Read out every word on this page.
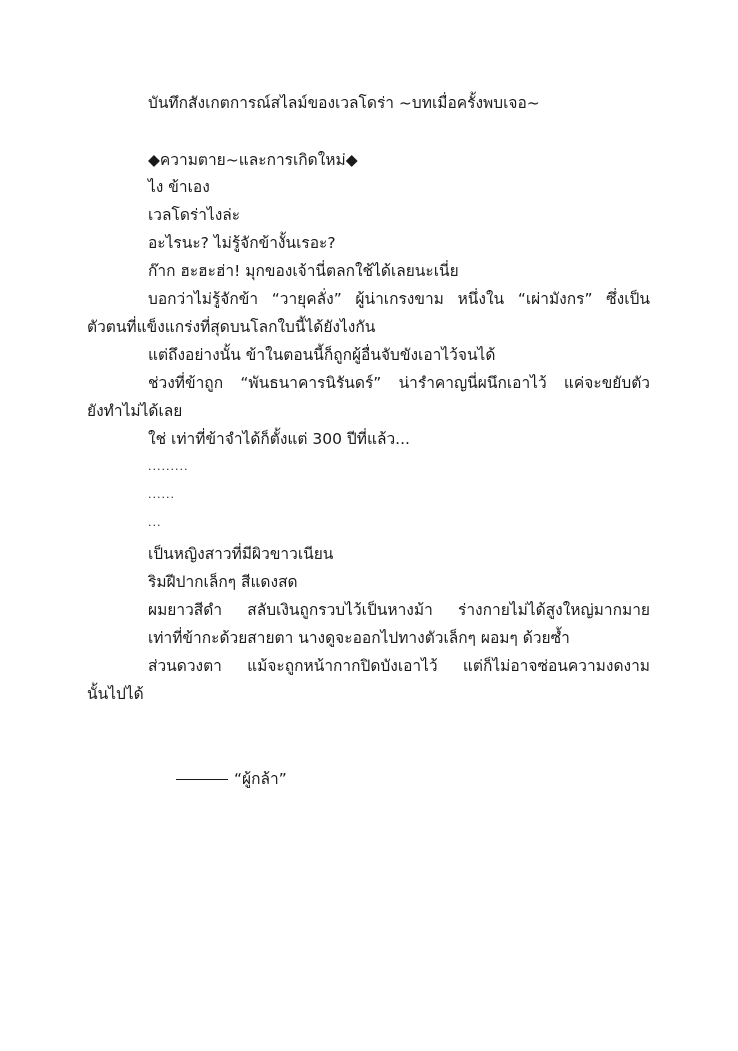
บันทึกสังเกตการณ์สไลม์ของเวลโดร่า ~บทเมื่อครั้งพบเจอ~
◆ความตาย~และการเกิดใหม่◆
ไง ข้าเอง
เวลโดร่าไงล่ะ
อะไรนะ? ไม่รู้จักข้างั้นเรอะ?
ก๊าก ฮะฮะฮ่า! มุกของเจ้านี่ตลกใช้ได้เลยนะเนี่ย
บอกว่าไม่รู้จักข้า “วายุคลั่ง” ผู้น่าเกรงขาม หนึ่งใน “เผ่ามังกร” ซึ่งเป็น
ตัวตนที่แข็งแกร่งที่สุดบนโลกใบนี้ได้ยังไงกัน
แต่ถึงอย่างนั้น ข้าในตอนนี้ก็ถูกผู้อื่นจับขังเอาไว้จนได้
ช่วงที่ข้าถูก “พันธนาคารนิรันดร์” น่ารำคาญนี่ผนึกเอาไว้ แค่จะขยับตัว
ยังทำไม่ได้เลย
ใช่ เท่าที่ข้าจำได้ก็ตั้งแต่ 300 ปีที่แล้ว...
.........
......
...
เป็นหญิงสาวที่มีผิวขาวเนียน
ริมฝีปากเล็กๆ สีแดงสด
ผมยาวสีดำ สลับเงินถูกรวบไว้เป็นหางม้า ร่างกายไม่ได้สูงใหญ่มากมาย
เท่าที่ข้ากะด้วยสายตา นางดูจะออกไปทางตัวเล็กๆ ผอมๆ ด้วยซ้ำ
ส่วนดวงตา แม้จะถูกหน้ากากปิดบังเอาไว้ แต่ก็ไม่อาจซ่อนความงดงาม
นั้นไปได้
“ผู้กล้า”
